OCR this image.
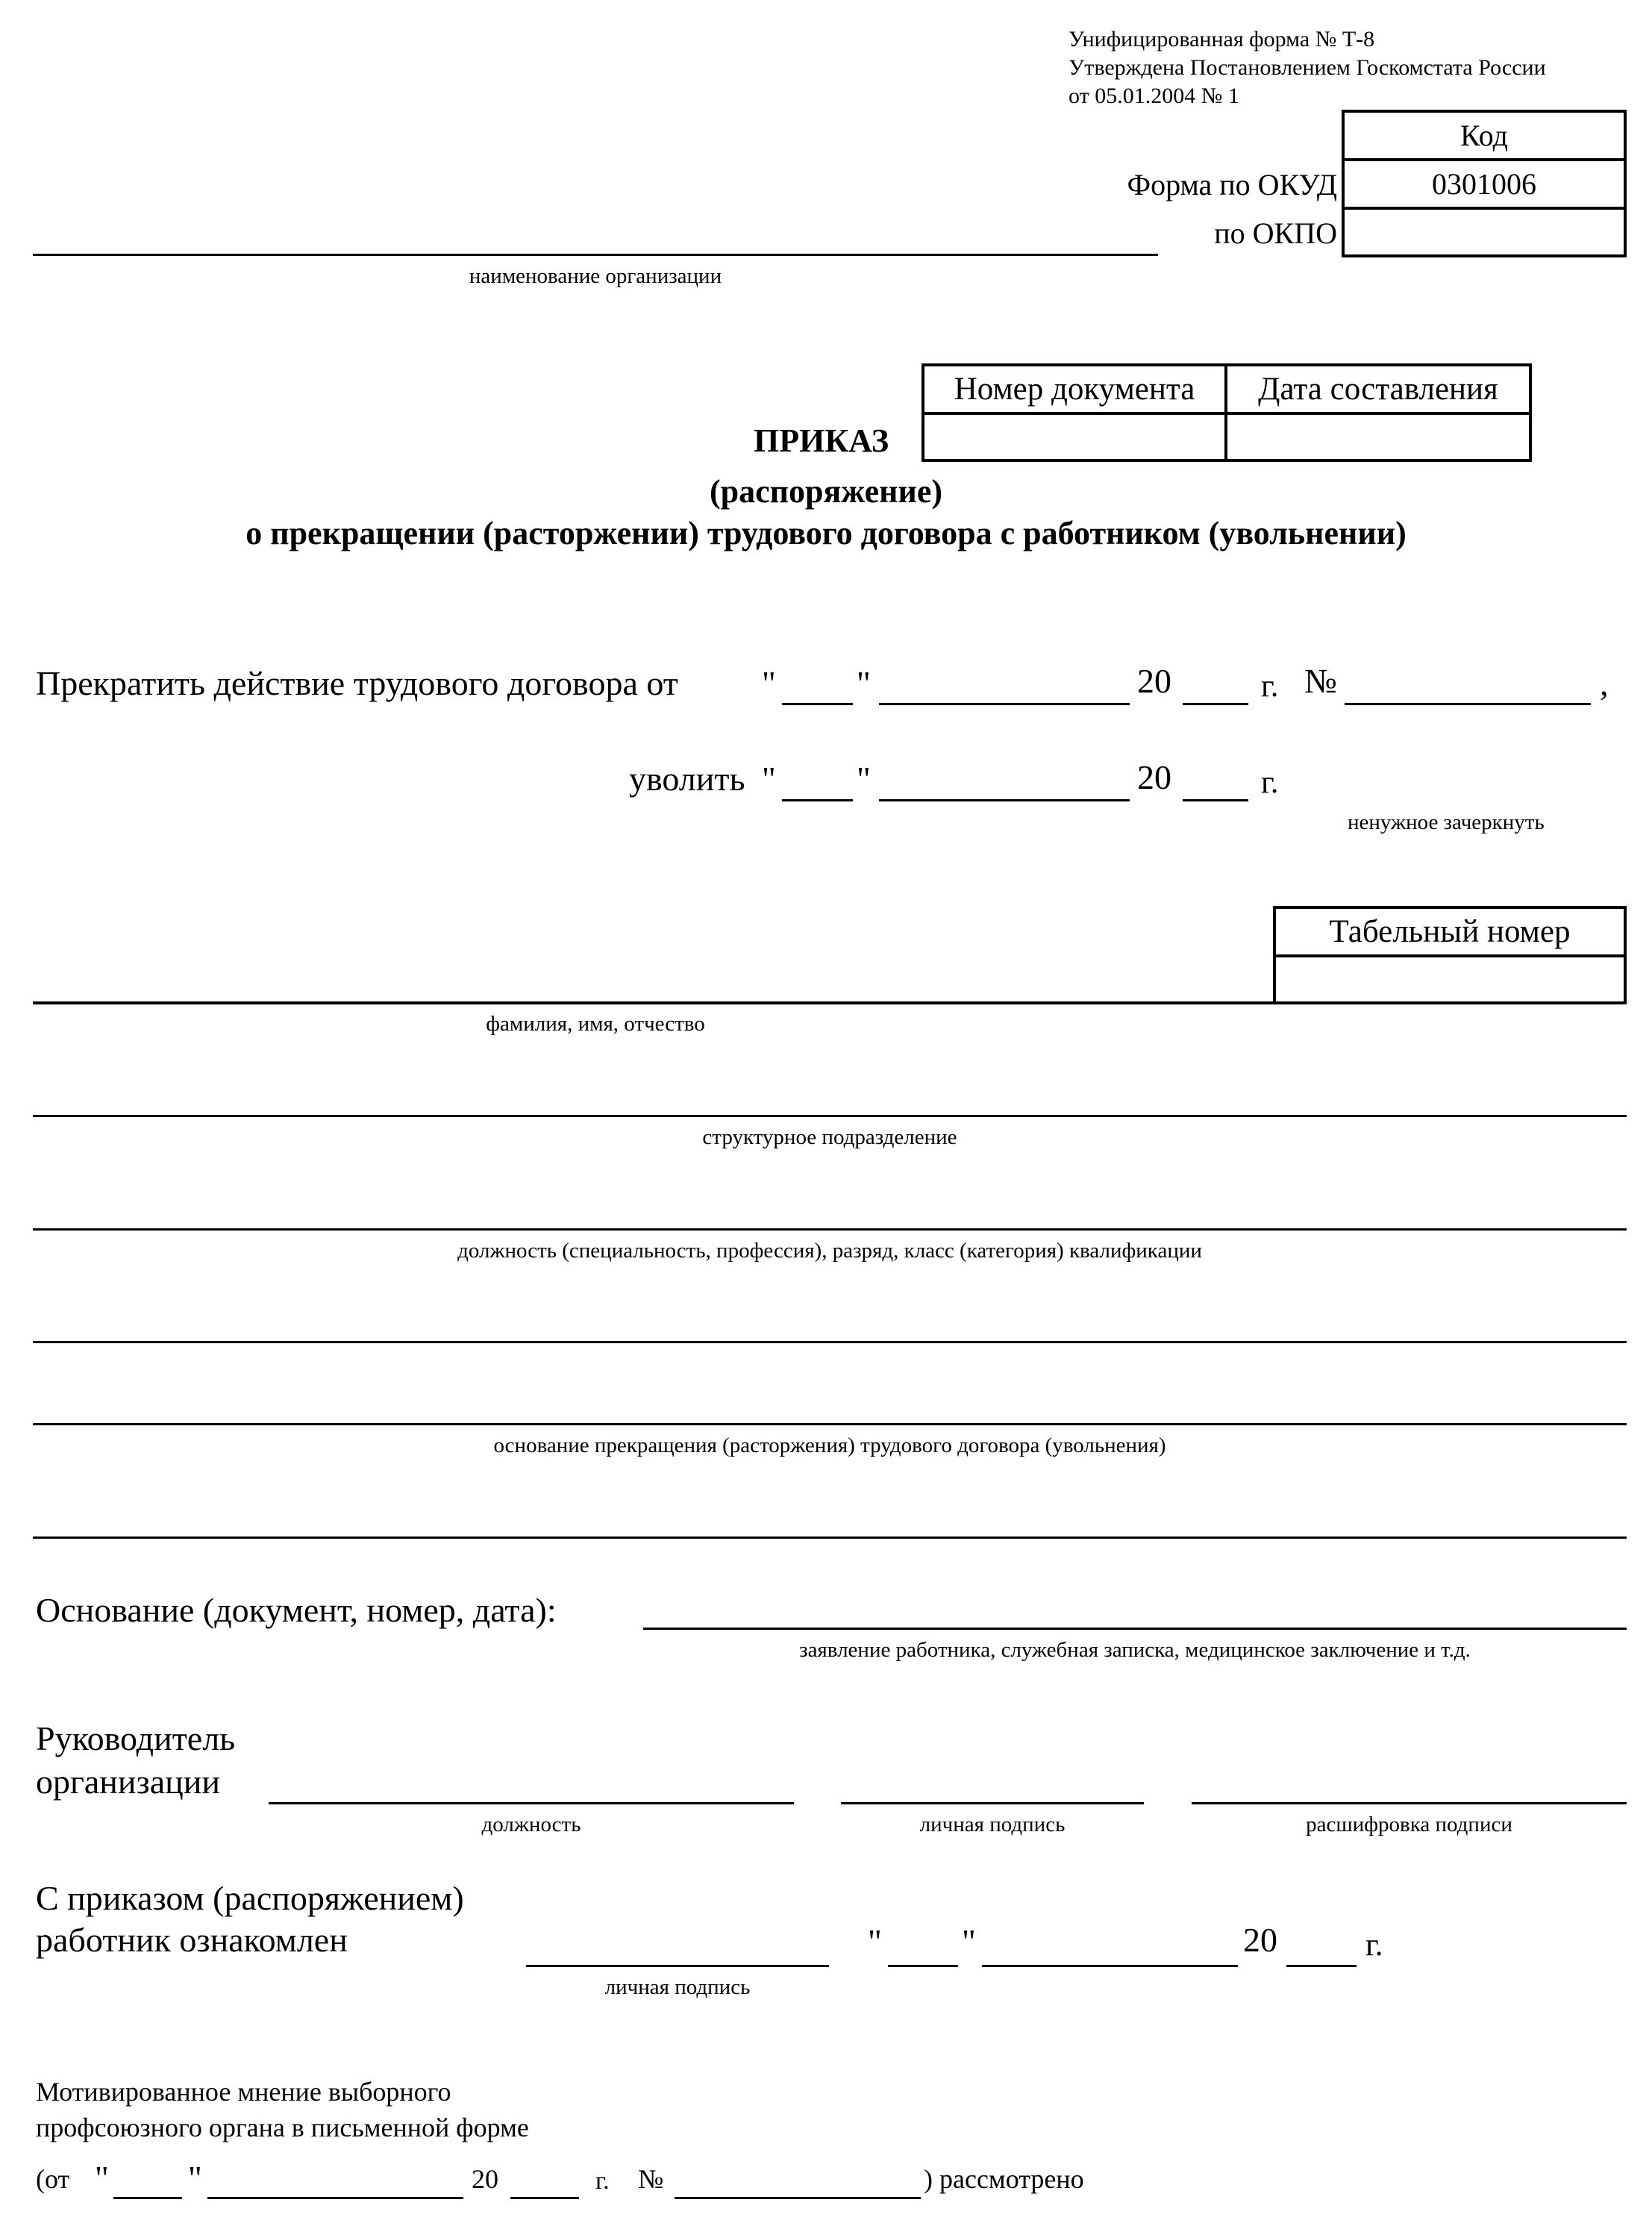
Унифицированная форма № Т-8
Утверждена Постановлением Госкомстата России
от 05.01.2004 № 1
Код
0301006
Форма по ОКУД
по ОКПО
наименование организации
Номер документа	Дата составления
ПРИКАЗ
(распоряжение)
о прекращении (расторжении) трудового договора с работником (увольнении)
Прекратить действие трудового договора от " "	20	г. №	,
уволить " "	20	г.
ненужное зачеркнуть
Табельный номер
фамилия, имя, отчество
структурное подразделение
должность (специальность, профессия), разряд, класс (категория) квалификации
основание прекращения (расторжения) трудового договора (увольнения)
Основание (документ, номер, дата):
заявление работника, служебная записка, медицинское заключение и т.д.
Руководитель
организации
должность	личная подпись	расшифровка подписи
С приказом (распоряжением)
работник ознакомлен
личная подпись
" "	20	г.
Мотивированное мнение выборного
профсоюзного органа в письменной форме
(от " "	20	г. №	) рассмотрено
